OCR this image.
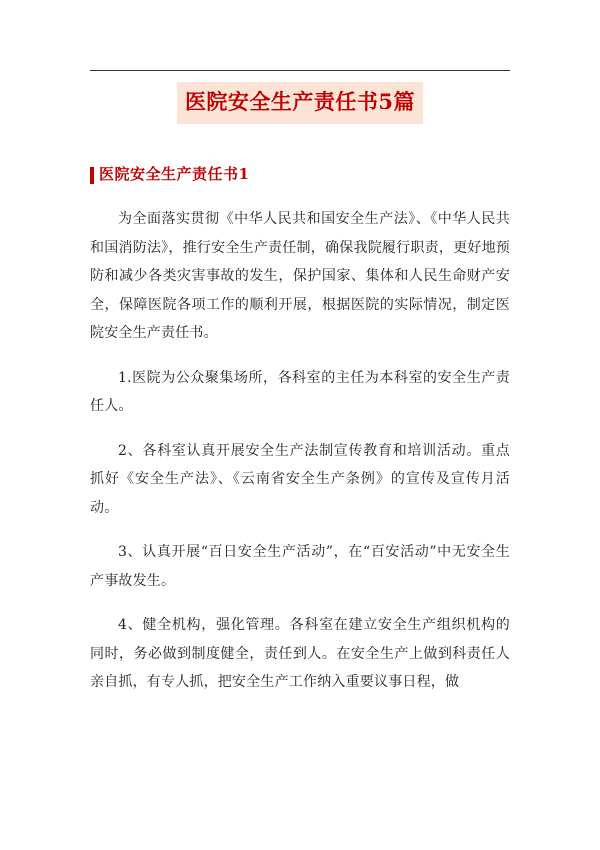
医院安全生产责任书5篇
医院安全生产责任书1

为全面落实贯彻《中华人民共和国安全生产法》、《中华人民共和国消防法》，推行安全生产责任制，确保我院履行职责，更好地预防和减少各类灾害事故的发生，保护国家、集体和人民生命财产安全，保障医院各项工作的顺利开展，根据医院的实际情况，制定医院安全生产责任书。

1.医院为公众聚集场所，各科室的主任为本科室的安全生产责任人。

2、各科室认真开展安全生产法制宣传教育和培训活动。重点抓好《安全生产法》、《云南省安全生产条例》的宣传及宣传月活动。

3、认真开展“百日安全生产活动”，在“百安活动”中无安全生产事故发生。

4、健全机构，强化管理。各科室在建立安全生产组织机构的同时，务必做到制度健全，责任到人。在安全生产上做到科责任人亲自抓，有专人抓，把安全生产工作纳入重要议事日程，做
